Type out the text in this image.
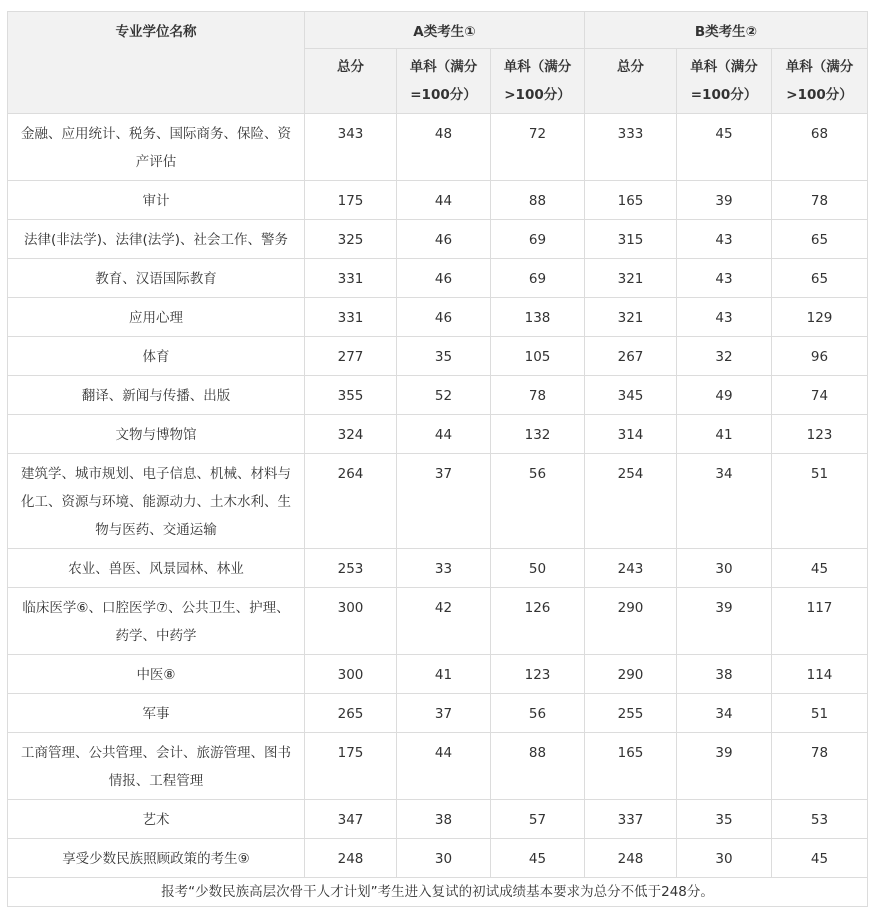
专业学位名称	A类考生①			B类考生②		
	总分	单科（满分=100分）	单科（满分>100分）	总分	单科（满分=100分）	单科（满分>100分）
金融、应用统计、税务、国际商务、保险、资产评估	343	48	72	333	45	68
审计	175	44	88	165	39	78
法律(非法学)、法律(法学)、社会工作、警务	325	46	69	315	43	65
教育、汉语国际教育	331	46	69	321	43	65
应用心理	331	46	138	321	43	129
体育	277	35	105	267	32	96
翻译、新闻与传播、出版	355	52	78	345	49	74
文物与博物馆	324	44	132	314	41	123
建筑学、城市规划、电子信息、机械、材料与化工、资源与环境、能源动力、土木水利、生物与医药、交通运输	264	37	56	254	34	51
农业、兽医、风景园林、林业	253	33	50	243	30	45
临床医学⑥、口腔医学⑦、公共卫生、护理、药学、中药学	300	42	126	290	39	117
中医⑧	300	41	123	290	38	114
军事	265	37	56	255	34	51
工商管理、公共管理、会计、旅游管理、图书情报、工程管理	175	44	88	165	39	78
艺术	347	38	57	337	35	53
享受少数民族照顾政策的考生⑨	248	30	45	248	30	45
报考“少数民族高层次骨干人才计划”考生进入复试的初试成绩基本要求为总分不低于248分。						
